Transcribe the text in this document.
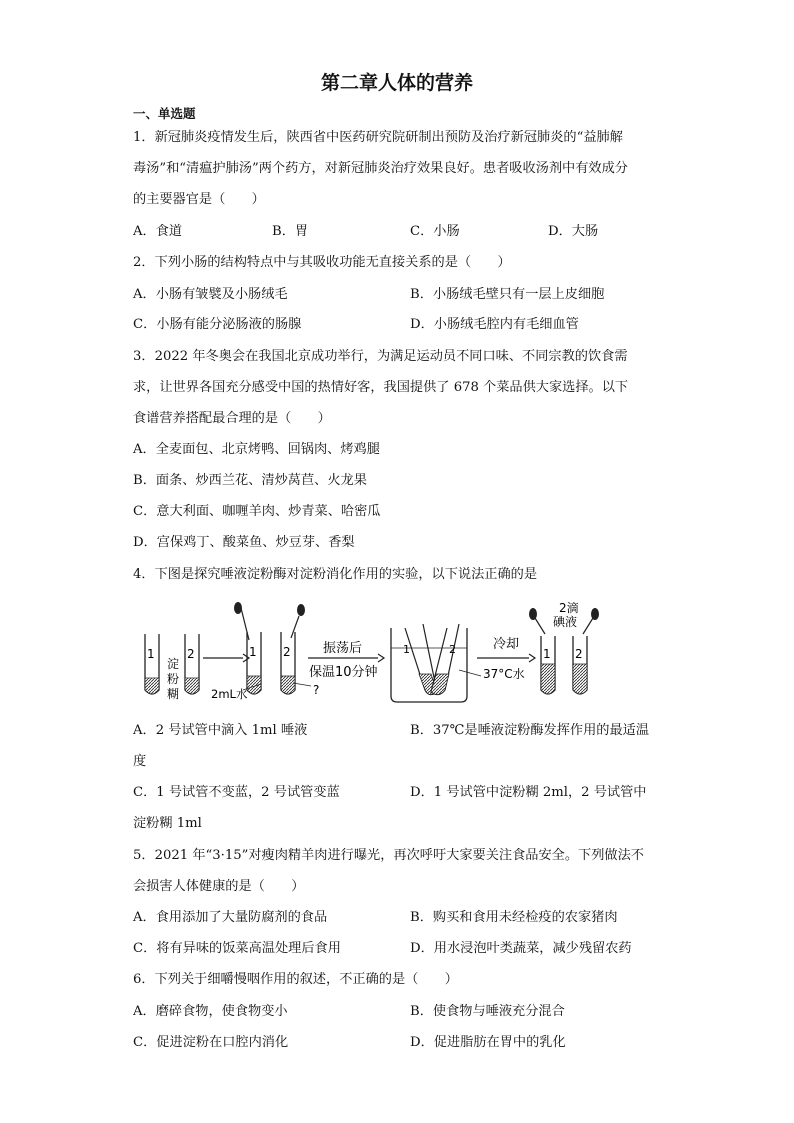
第二章人体的营养
一、单选题
1．新冠肺炎疫情发生后，陕西省中医药研究院研制出预防及治疗新冠肺炎的“益肺解
毒汤”和“清瘟护肺汤”两个药方，对新冠肺炎治疗效果良好。患者吸收汤剂中有效成分
的主要器官是（　　）
A．食道	B．胃	C．小肠	D．大肠
2．下列小肠的结构特点中与其吸收功能无直接关系的是（　　）
A．小肠有皱襞及小肠绒毛	B．小肠绒毛壁只有一层上皮细胞
C．小肠有能分泌肠液的肠腺	D．小肠绒毛腔内有毛细血管
3．2022 年冬奥会在我国北京成功举行，为满足运动员不同口味、不同宗教的饮食需
求，让世界各国充分感受中国的热情好客，我国提供了 678 个菜品供大家选择。以下
食谱营养搭配最合理的是（　　）
A．全麦面包、北京烤鸭、回锅肉、烤鸡腿
B．面条、炒西兰花、清炒莴苣、火龙果
C．意大利面、咖喱羊肉、炒青菜、哈密瓜
D．宫保鸡丁、酸菜鱼、炒豆芽、香梨
4．下图是探究唾液淀粉酶对淀粉消化作用的实验，以下说法正确的是
1	2
淀
粉
糊
1 2
2mL水	?
振荡后
保温10分钟
1	2	冷却
37°C水
2滴
碘液
1 2
A．2 号试管中滴入 1ml 唾液	B．37℃是唾液淀粉酶发挥作用的最适温
度
C．1 号试管不变蓝，2 号试管变蓝	D．1 号试管中淀粉糊 2ml，2 号试管中
淀粉糊 1ml
5．2021 年“3·15”对瘦肉精羊肉进行曝光，再次呼吁大家要关注食品安全。下列做法不
会损害人体健康的是（　　）
A．食用添加了大量防腐剂的食品	B．购买和食用未经检疫的农家猪肉
C．将有异味的饭菜高温处理后食用	D．用水浸泡叶类蔬菜，减少残留农药
6．下列关于细嚼慢咽作用的叙述，不正确的是（　　）
A．磨碎食物，使食物变小	B．使食物与唾液充分混合
C．促进淀粉在口腔内消化	D．促进脂肪在胃中的乳化
